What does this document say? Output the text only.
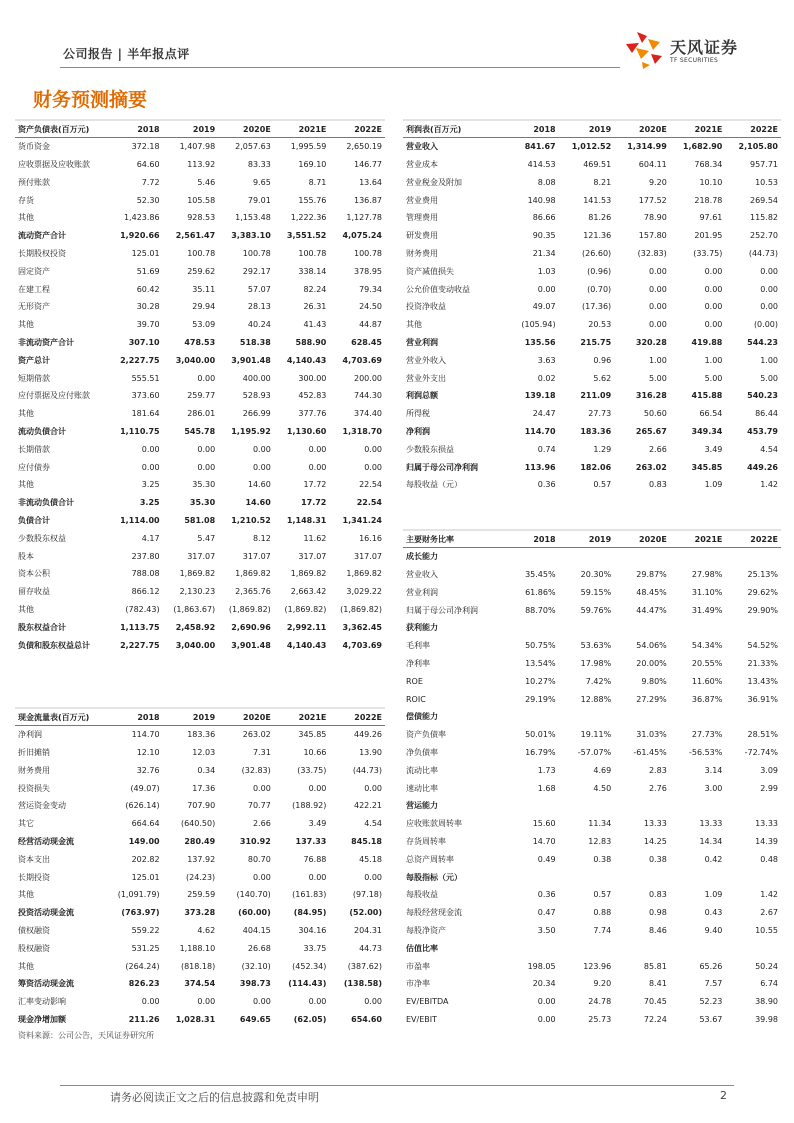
公司报告 | 半年报点评	天风证券
TF SECURITIES
财务预测摘要
资产负债表(百万元)	2018	2019	2020E	2021E	2022E
货币资金	372.18	1,407.98	2,057.63	1,995.59	2,650.19
应收票据及应收账款	64.60	113.92	83.33	169.10	146.77
预付账款	7.72	5.46	9.65	8.71	13.64
存货	52.30	105.58	79.01	155.76	136.87
其他	1,423.86	928.53	1,153.48	1,222.36	1,127.78
流动资产合计	1,920.66	2,561.47	3,383.10	3,551.52	4,075.24
长期股权投资	125.01	100.78	100.78	100.78	100.78
固定资产	51.69	259.62	292.17	338.14	378.95
在建工程	60.42	35.11	57.07	82.24	79.34
无形资产	30.28	29.94	28.13	26.31	24.50
其他	39.70	53.09	40.24	41.43	44.87
非流动资产合计	307.10	478.53	518.38	588.90	628.45
资产总计	2,227.75	3,040.00	3,901.48	4,140.43	4,703.69
短期借款	555.51	0.00	400.00	300.00	200.00
应付票据及应付账款	373.60	259.77	528.93	452.83	744.30
其他	181.64	286.01	266.99	377.76	374.40
流动负债合计	1,110.75	545.78	1,195.92	1,130.60	1,318.70
长期借款	0.00	0.00	0.00	0.00	0.00
应付债券	0.00	0.00	0.00	0.00	0.00
其他	3.25	35.30	14.60	17.72	22.54
非流动负债合计	3.25	35.30	14.60	17.72	22.54
负债合计	1,114.00	581.08	1,210.52	1,148.31	1,341.24
少数股东权益	4.17	5.47	8.12	11.62	16.16
股本	237.80	317.07	317.07	317.07	317.07
资本公积	788.08	1,869.82	1,869.82	1,869.82	1,869.82
留存收益	866.12	2,130.23	2,365.76	2,663.42	3,029.22
其他	(782.43)	(1,863.67)	(1,869.82)	(1,869.82)	(1,869.82)
股东权益合计	1,113.75	2,458.92	2,690.96	2,992.11	3,362.45
负债和股东权益总计	2,227.75	3,040.00	3,901.48	4,140.43	4,703.69
利润表(百万元)	2018	2019	2020E	2021E	2022E
营业收入	841.67	1,012.52	1,314.99	1,682.90	2,105.80
营业成本	414.53	469.51	604.11	768.34	957.71
营业税金及附加	8.08	8.21	9.20	10.10	10.53
营业费用	140.98	141.53	177.52	218.78	269.54
管理费用	86.66	81.26	78.90	97.61	115.82
研发费用	90.35	121.36	157.80	201.95	252.70
财务费用	21.34	(26.60)	(32.83)	(33.75)	(44.73)
资产减值损失	1.03	(0.96)	0.00	0.00	0.00
公允价值变动收益	0.00	(0.70)	0.00	0.00	0.00
投资净收益	49.07	(17.36)	0.00	0.00	0.00
其他	(105.94)	20.53	0.00	0.00	(0.00)
营业利润	135.56	215.75	320.28	419.88	544.23
营业外收入	3.63	0.96	1.00	1.00	1.00
营业外支出	0.02	5.62	5.00	5.00	5.00
利润总额	139.18	211.09	316.28	415.88	540.23
所得税	24.47	27.73	50.60	66.54	86.44
净利润	114.70	183.36	265.67	349.34	453.79
少数股东损益	0.74	1.29	2.66	3.49	4.54
归属于母公司净利润	113.96	182.06	263.02	345.85	449.26
每股收益（元）	0.36	0.57	0.83	1.09	1.42
主要财务比率	2018	2019	2020E	2021E	2022E
成长能力					
营业收入	35.45%	20.30%	29.87%	27.98%	25.13%
营业利润	61.86%	59.15%	48.45%	31.10%	29.62%
归属于母公司净利润	88.70%	59.76%	44.47%	31.49%	29.90%
获利能力					
毛利率	50.75%	53.63%	54.06%	54.34%	54.52%
净利率	13.54%	17.98%	20.00%	20.55%	21.33%
ROE	10.27%	7.42%	9.80%	11.60%	13.43%
ROIC	29.19%	12.88%	27.29%	36.87%	36.91%
偿债能力					
资产负债率	50.01%	19.11%	31.03%	27.73%	28.51%
净负债率	16.79%	-57.07%	-61.45%	-56.53%	-72.74%
流动比率	1.73	4.69	2.83	3.14	3.09
速动比率	1.68	4.50	2.76	3.00	2.99
营运能力					
应收账款周转率	15.60	11.34	13.33	13.33	13.33
存货周转率	14.70	12.83	14.25	14.34	14.39
总资产周转率	0.49	0.38	0.38	0.42	0.48
每股指标（元）					
每股收益	0.36	0.57	0.83	1.09	1.42
每股经营现金流	0.47	0.88	0.98	0.43	2.67
每股净资产	3.50	7.74	8.46	9.40	10.55
估值比率					
市盈率	198.05	123.96	85.81	65.26	50.24
市净率	20.34	9.20	8.41	7.57	6.74
EV/EBITDA	0.00	24.78	70.45	52.23	38.90
EV/EBIT	0.00	25.73	72.24	53.67	39.98
现金流量表(百万元)	2018	2019	2020E	2021E	2022E
净利润	114.70	183.36	263.02	345.85	449.26
折旧摊销	12.10	12.03	7.31	10.66	13.90
财务费用	32.76	0.34	(32.83)	(33.75)	(44.73)
投资损失	(49.07)	17.36	0.00	0.00	0.00
营运资金变动	(626.14)	707.90	70.77	(188.92)	422.21
其它	664.64	(640.50)	2.66	3.49	4.54
经营活动现金流	149.00	280.49	310.92	137.33	845.18
资本支出	202.82	137.92	80.70	76.88	45.18
长期投资	125.01	(24.23)	0.00	0.00	0.00
其他	(1,091.79)	259.59	(140.70)	(161.83)	(97.18)
投资活动现金流	(763.97)	373.28	(60.00)	(84.95)	(52.00)
债权融资	559.22	4.62	404.15	304.16	204.31
股权融资	531.25	1,188.10	26.68	33.75	44.73
其他	(264.24)	(818.18)	(32.10)	(452.34)	(387.62)
筹资活动现金流	826.23	374.54	398.73	(114.43)	(138.58)
汇率变动影响	0.00	0.00	0.00	0.00	0.00
现金净增加额	211.26	1,028.31	649.65	(62.05)	654.60
资料来源：公司公告，天风证券研究所
请务必阅读正文之后的信息披露和免责申明	2
